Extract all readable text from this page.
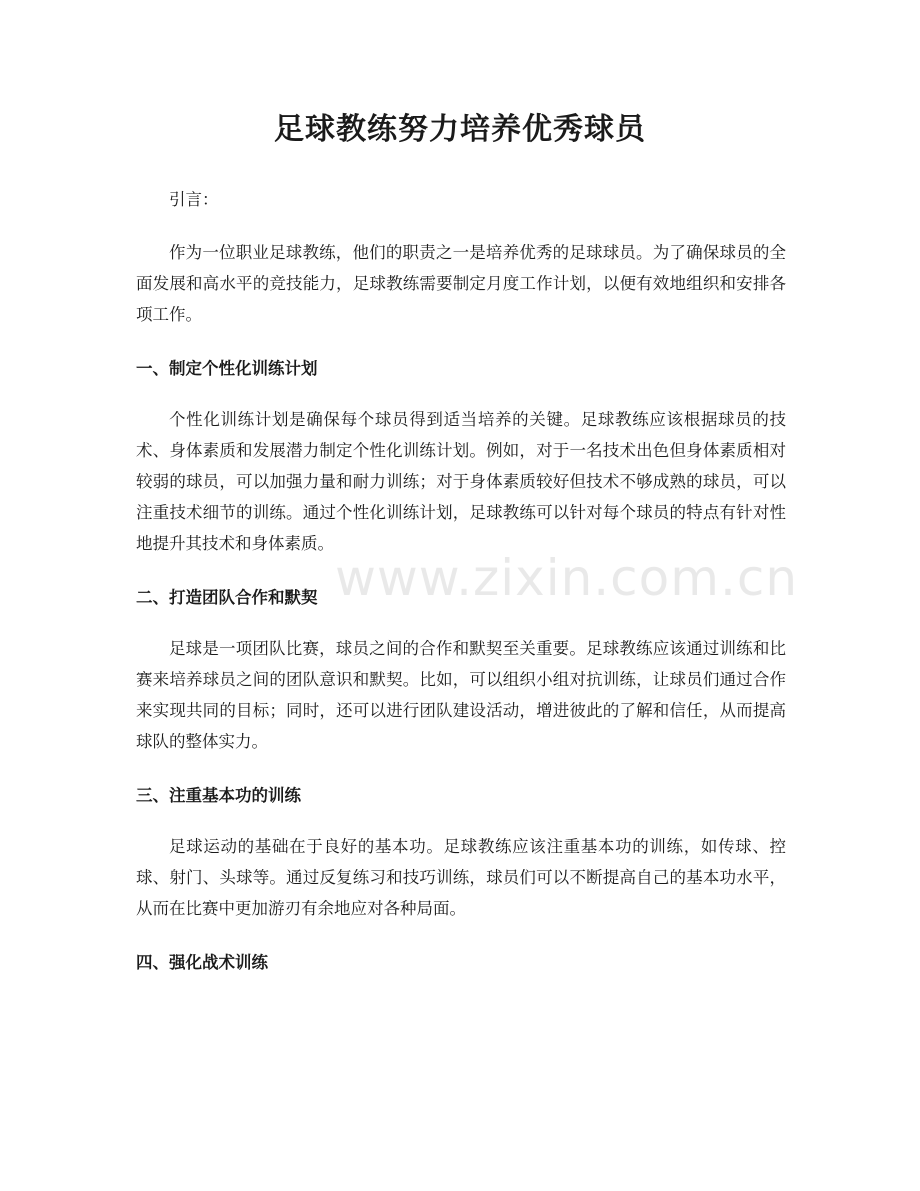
足球教练努力培养优秀球员

引言：

作为一位职业足球教练，他们的职责之一是培养优秀的足球球员。为了确保球员的全面发展和高水平的竞技能力，足球教练需要制定月度工作计划，以便有效地组织和安排各项工作。

一、制定个性化训练计划

个性化训练计划是确保每个球员得到适当培养的关键。足球教练应该根据球员的技术、身体素质和发展潜力制定个性化训练计划。例如，对于一名技术出色但身体素质相对较弱的球员，可以加强力量和耐力训练；对于身体素质较好但技术不够成熟的球员，可以注重技术细节的训练。通过个性化训练计划，足球教练可以针对每个球员的特点有针对性地提升其技术和身体素质。

二、打造团队合作和默契

足球是一项团队比赛，球员之间的合作和默契至关重要。足球教练应该通过训练和比赛来培养球员之间的团队意识和默契。比如，可以组织小组对抗训练，让球员们通过合作来实现共同的目标；同时，还可以进行团队建设活动，增进彼此的了解和信任，从而提高球队的整体实力。

三、注重基本功的训练

足球运动的基础在于良好的基本功。足球教练应该注重基本功的训练，如传球、控球、射门、头球等。通过反复练习和技巧训练，球员们可以不断提高自己的基本功水平，从而在比赛中更加游刃有余地应对各种局面。

四、强化战术训练
www.zixin.com.cn
